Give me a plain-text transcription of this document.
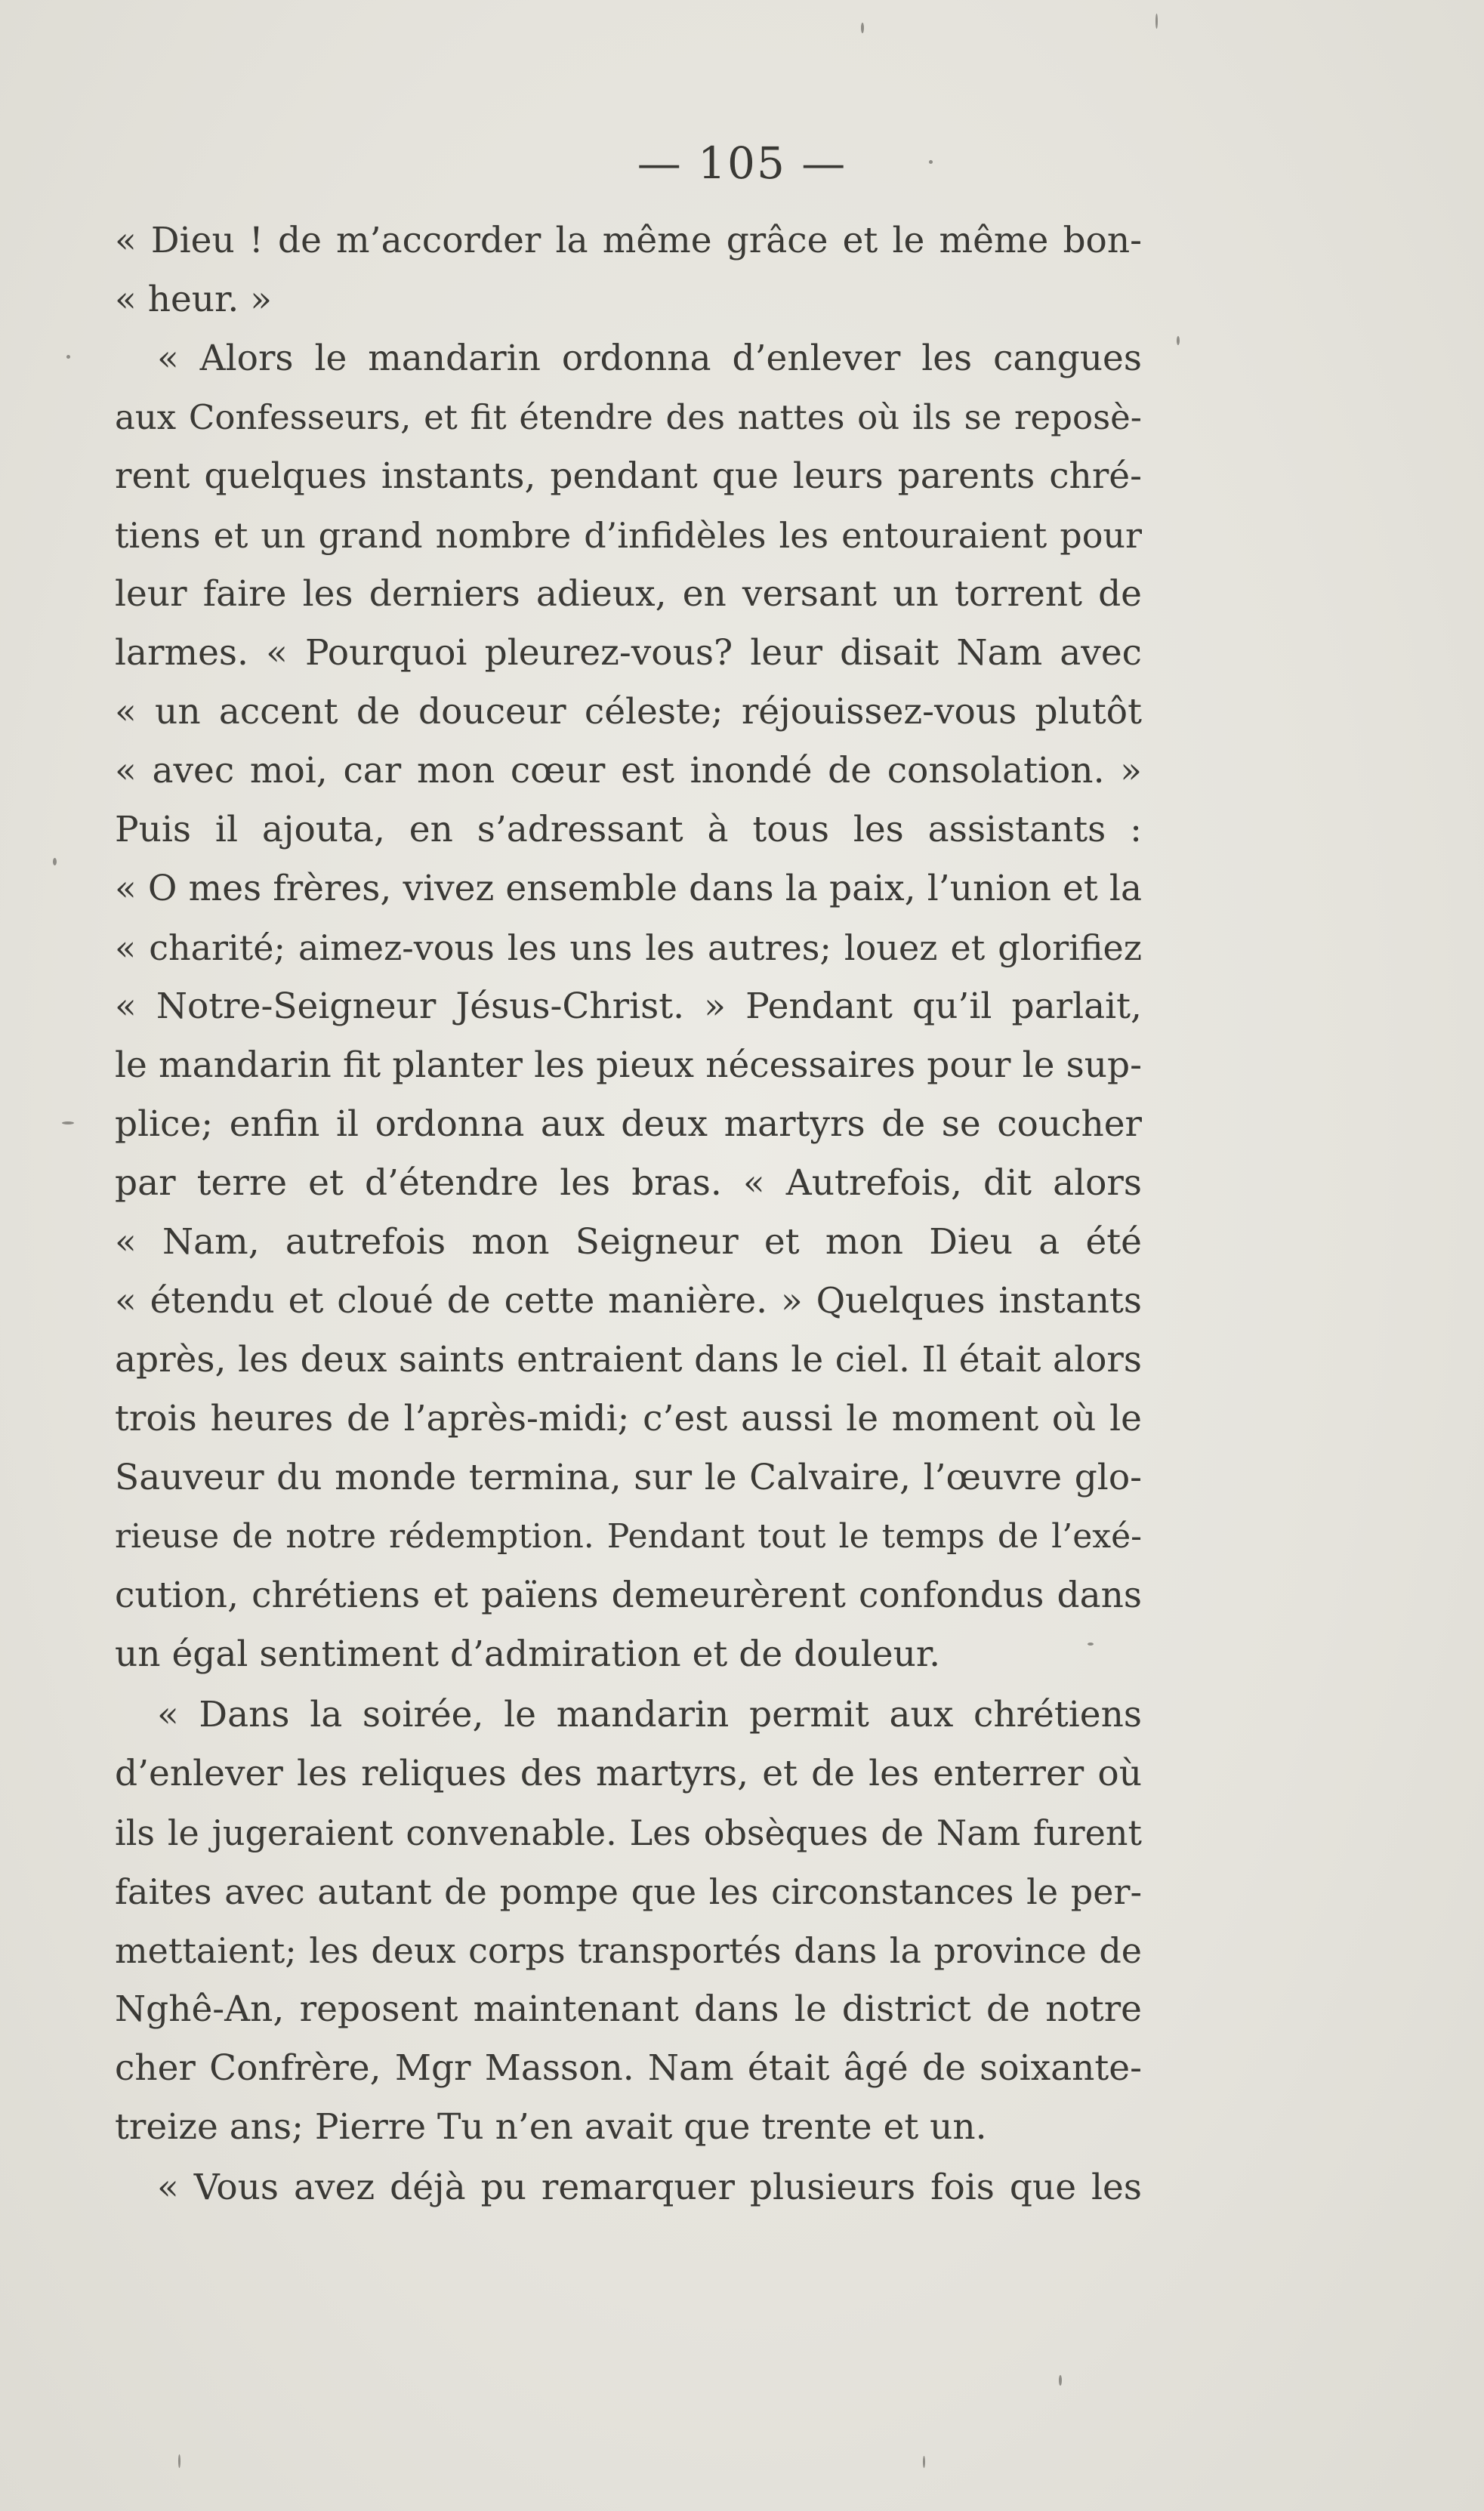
— 105 —
« Dieu ! de m’accorder la même grâce et le même bon-
« heur. »
« Alors le mandarin ordonna d’enlever les cangues
aux Confesseurs, et fit étendre des nattes où ils se reposè-
rent quelques instants, pendant que leurs parents chré-
tiens et un grand nombre d’infidèles les entouraient pour
leur faire les derniers adieux, en versant un torrent de
larmes. « Pourquoi pleurez-vous? leur disait Nam avec
« un accent de douceur céleste; réjouissez-vous plutôt
« avec moi, car mon cœur est inondé de consolation. »
Puis il ajouta, en s’adressant à tous les assistants :
« O mes frères, vivez ensemble dans la paix, l’union et la
« charité; aimez-vous les uns les autres; louez et glorifiez
« Notre-Seigneur Jésus-Christ. » Pendant qu’il parlait,
le mandarin fit planter les pieux nécessaires pour le sup-
plice; enfin il ordonna aux deux martyrs de se coucher
par terre et d’étendre les bras. « Autrefois, dit alors
« Nam, autrefois mon Seigneur et mon Dieu a été
« étendu et cloué de cette manière. » Quelques instants
après, les deux saints entraient dans le ciel. Il était alors
trois heures de l’après-midi; c’est aussi le moment où le
Sauveur du monde termina, sur le Calvaire, l’œuvre glo-
rieuse de notre rédemption. Pendant tout le temps de l’exé-
cution, chrétiens et païens demeurèrent confondus dans
un égal sentiment d’admiration et de douleur.
« Dans la soirée, le mandarin permit aux chrétiens
d’enlever les reliques des martyrs, et de les enterrer où
ils le jugeraient convenable. Les obsèques de Nam furent
faites avec autant de pompe que les circonstances le per-
mettaient; les deux corps transportés dans la province de
Nghê-An, reposent maintenant dans le district de notre
cher Confrère, Mgr Masson. Nam était âgé de soixante-
treize ans; Pierre Tu n’en avait que trente et un.
« Vous avez déjà pu remarquer plusieurs fois que les
